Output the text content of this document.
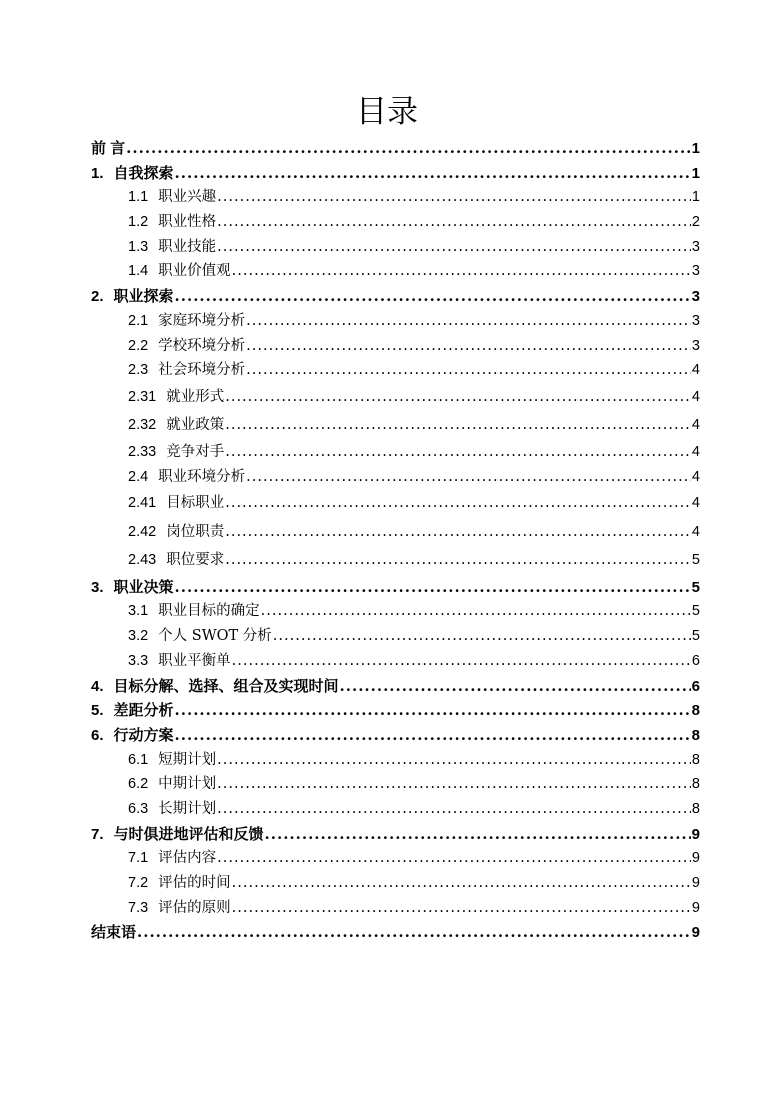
目录
前 言 .....	1
1. 自我探索 .....	1
1.1 职业兴趣 .....	1
1.2 职业性格 .....	2
1.3 职业技能 .....	3
1.4 职业价值观 .....	3
2. 职业探索 .....	3
2.1 家庭环境分析 .....	3
2.2 学校环境分析 .....	3
2.3 社会环境分析 .....	4
2.31 就业形式 .....	4
2.32 就业政策 .....	4
2.33 竞争对手 .....	4
2.4 职业环境分析 .....	4
2.41 目标职业 .....	4
2.42 岗位职责 .....	4
2.43 职位要求 .....	5
3. 职业决策 .....	5
3.1 职业目标的确定 .....	5
3.2 个人 SWOT 分析 .....	5
3.3 职业平衡单 .....	6
4. 目标分解、选择、组合及实现时间 .....	6
5. 差距分析 .....	8
6. 行动方案 .....	8
6.1 短期计划 .....	8
6.2 中期计划 .....	8
6.3 长期计划 .....	8
7. 与时俱进地评估和反馈 .....	9
7.1 评估内容 .....	9
7.2 评估的时间 .....	9
7.3 评估的原则 .....	9
结束语 .....	9
